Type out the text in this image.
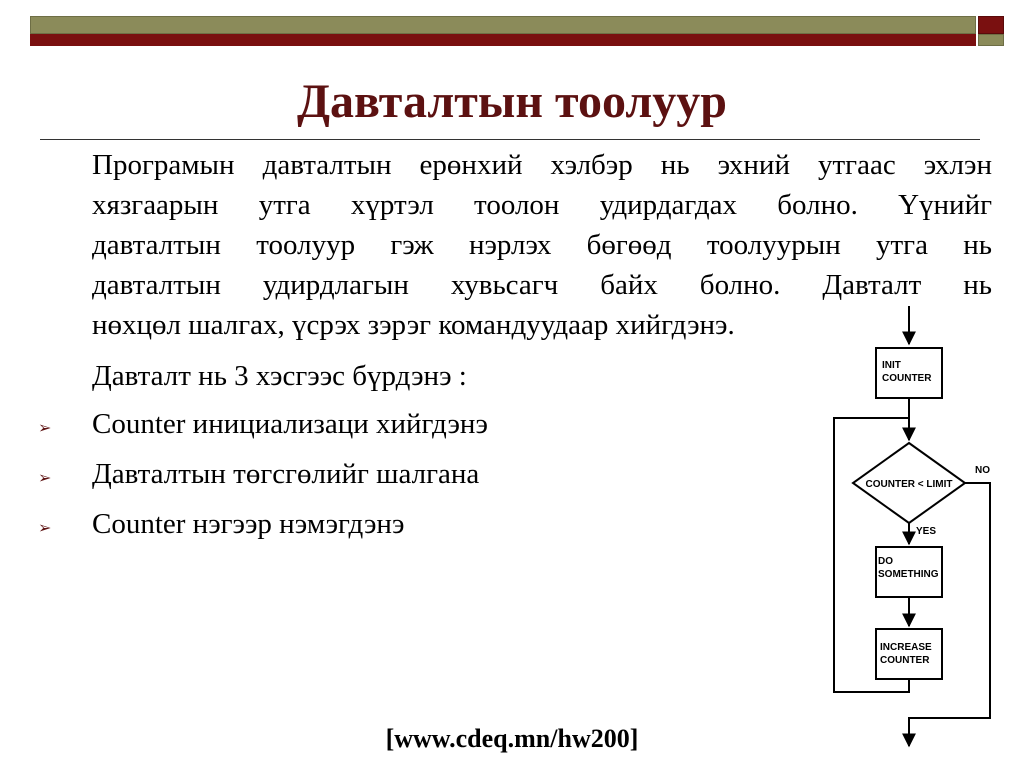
Давталтын тоолуур

Програмын давталтын ерөнхий хэлбэр нь эхний утгаас эхлэн
хязгаарын утга хүртэл тоолон удирдагдах болно. Үүнийг
давталтын тоолуур гэж нэрлэх бөгөөд тоолуурын утга нь
давталтын удирдлагын хувьсагч байх болно. Давталт нь
нөхцөл шалгах, үсрэх зэрэг командуудаар хийгдэнэ.

Давталт нь 3 хэсгээс бүрдэнэ :

➢	Counter инициализаци хийгдэнэ
➢	Давталтын төгсгөлийг шалгана
➢	Counter нэгээр нэмэгдэнэ
INIT
COUNTER
COUNTER < LIMIT
NO
YES
DO
SOMETHING
INCREASE
COUNTER

[www.cdeq.mn/hw200]
